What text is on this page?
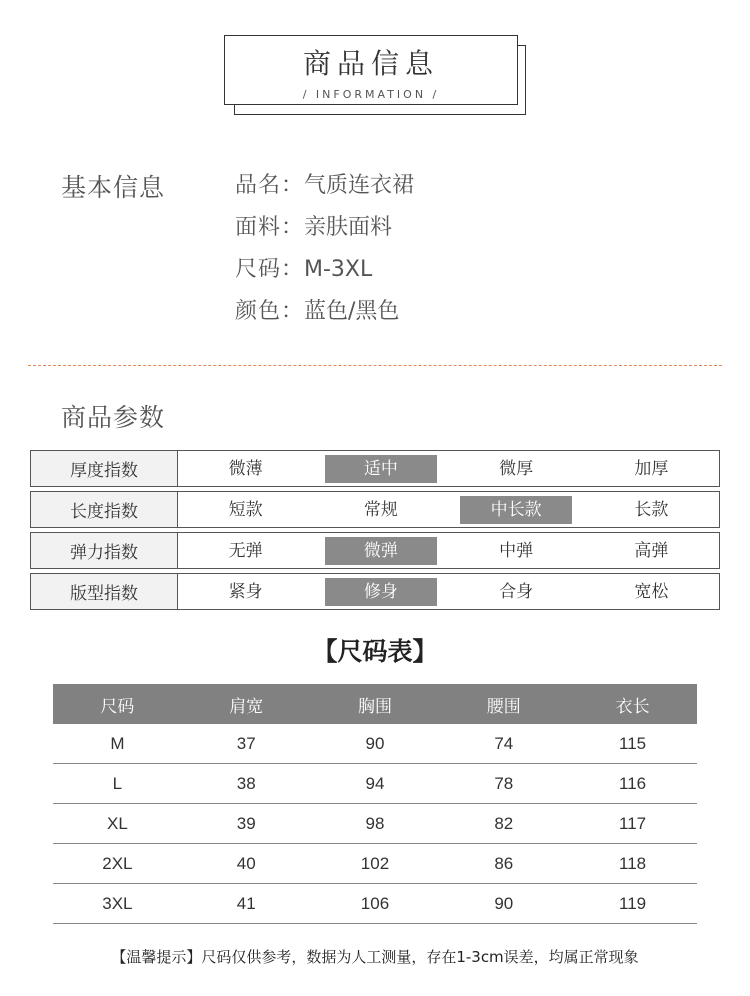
商品信息
/ INFORMATION /
基本信息	品名：气质连衣裙
面料：亲肤面料
尺码：M-3XL
颜色：蓝色/黑色
商品参数
厚度指数	微薄	适中	微厚	加厚
长度指数	短款	常规	中长款	长款
弹力指数	无弹	微弹	中弹	高弹
版型指数	紧身	修身	合身	宽松
【尺码表】
尺码	肩宽	胸围	腰围	衣长
M	37	90	74	115
L	38	94	78	116
XL	39	98	82	117
2XL	40	102	86	118
3XL	41	106	90	119
【温馨提示】尺码仅供参考，数据为人工测量，存在1-3cm误差，均属正常现象
